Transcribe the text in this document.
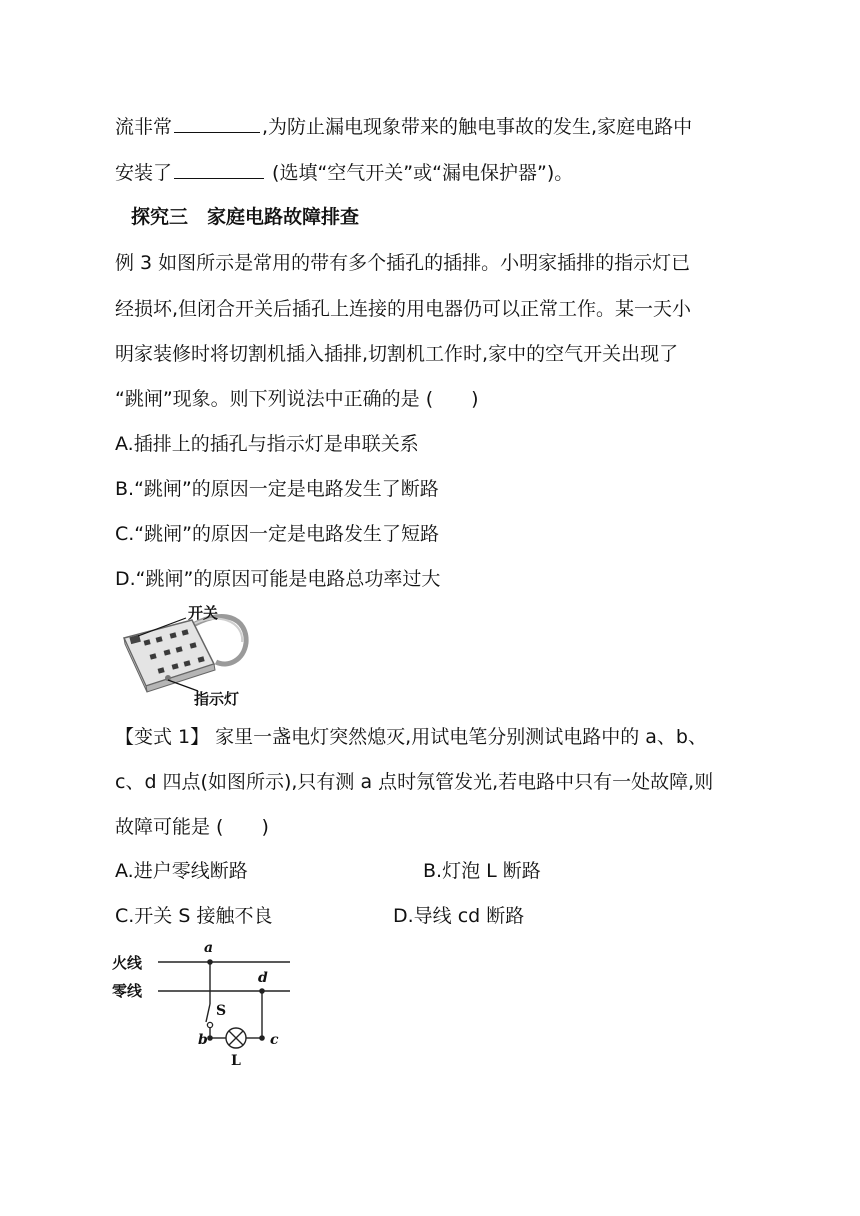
流非常	,为防止漏电现象带来的触电事故的发生,家庭电路中
安装了	(选填“空气开关”或“漏电保护器”)。
探究三　家庭电路故障排查
例 3 如图所示是常用的带有多个插孔的插排。小明家插排的指示灯已
经损坏,但闭合开关后插孔上连接的用电器仍可以正常工作。某一天小
明家装修时将切割机插入插排,切割机工作时,家中的空气开关出现了
“跳闸”现象。则下列说法中正确的是 (　　)
A.插排上的插孔与指示灯是串联关系
B.“跳闸”的原因一定是电路发生了断路
C.“跳闸”的原因一定是电路发生了短路
D.“跳闸”的原因可能是电路总功率过大
开关
指示灯
【变式 1】 家里一盏电灯突然熄灭,用试电笔分别测试电路中的 a、b、
c、d 四点(如图所示),只有测 a 点时氖管发光,若电路中只有一处故障,则
故障可能是 (　　)
A.进户零线断路	B.灯泡 L 断路
C.开关 S 接触不良	D.导线 cd 断路
火线
零线
a
d
b	c
S
L
